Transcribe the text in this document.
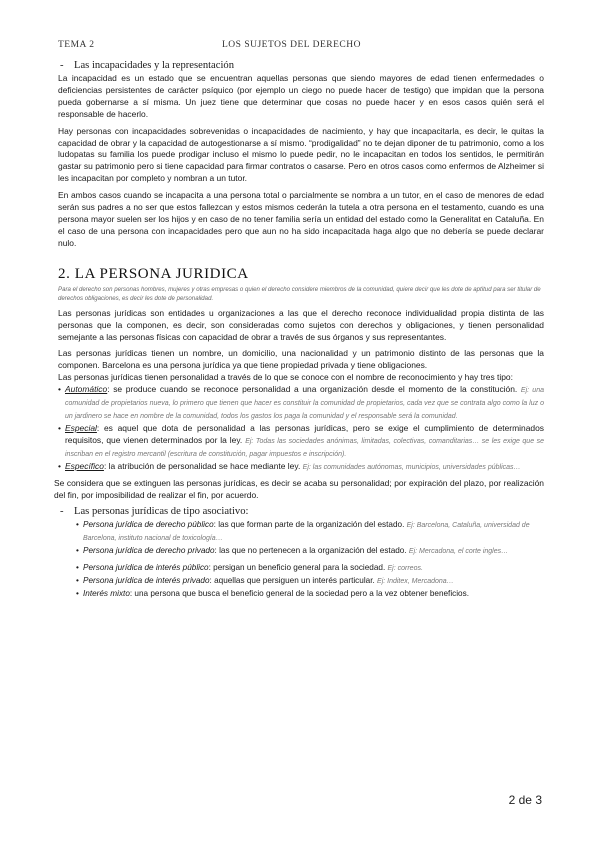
TEMA 2	LOS SUJETOS DEL DERECHO
- Las incapacidades y la representación

La incapacidad es un estado que se encuentran aquellas personas que siendo mayores de edad tienen enfermedades o deficiencias persistentes de carácter psíquico (por ejemplo un ciego no puede hacer de testigo) que impidan que la persona pueda gobernarse a sí misma. Un juez tiene que determinar que cosas no puede hacer y en esos casos quién será el responsable de hacerlo.

Hay personas con incapacidades sobrevenidas o incapacidades de nacimiento, y hay que incapacitarla, es decir, le quitas la capacidad de obrar y la capacidad de autogestionarse a sí mismo. “prodigalidad” no te dejan diponer de tu patrimonio, como a los ludopatas su familia los puede prodigar incluso el mismo lo puede pedir, no le incapacitan en todos los sentidos, le permitirán gastar su patrimonio pero si tiene capacidad para firmar contratos o casarse. Pero en otros casos como enfermos de Alzheimer si les incapacitan por completo y nombran a un tutor.

En ambos casos cuando se incapacita a una persona total o parcialmente se nombra a un tutor, en el caso de menores de edad serán sus padres a no ser que estos fallezcan y estos mismos cederán la tutela a otra persona en el testamento, cuando es una persona mayor suelen ser los hijos y en caso de no tener familia sería un entidad del estado como la Generalitat en Cataluña. En el caso de una persona con incapacidades pero que aun no ha sido incapacitada haga algo que no debería se puede declarar nulo.

2. LA PERSONA JURIDICA
Para el derecho son personas hombres, mujeres y otras empresas o quien el derecho considere miembros de la comunidad, quiere decir que les dote de aptitud para ser titular de derechos obligaciones, es decir les dote de personalidad.

Las personas jurídicas son entidades u organizaciones a las que el derecho reconoce individualidad propia distinta de las personas que la componen, es decir, son consideradas como sujetos con derechos y obligaciones, y tienen personalidad semejante a las personas físicas con capacidad de obrar a través de sus órganos y sus representantes.

Las personas jurídicas tienen un nombre, un domicilio, una nacionalidad y un patrimonio distinto de las personas que la componen. Barcelona es una persona jurídica ya que tiene propiedad privada y tiene obligaciones.

Las personas jurídicas tienen personalidad a través de lo que se conoce con el nombre de reconocimiento y hay tres tipo:

• Automático: se produce cuando se reconoce personalidad a una organización desde el momento de la constitución. Ej: una comunidad de propietarios nueva, lo primero que tienen que hacer es constituir la comunidad de propietarios, cada vez que se contrata algo como la luz o un jardinero se hace en nombre de la comunidad, todos los gastos los paga la comunidad y el responsable será la comunidad.
• Especial: es aquel que dota de personalidad a las personas jurídicas, pero se exige el cumplimiento de determinados requisitos, que vienen determinados por la ley. Ej: Todas las sociedades anónimas, limitadas, colectivas, comanditarias… se les exige que se inscriban en el registro mercantil (escritura de constitución, pagar impuestos e inscripción).
• Específico: la atribución de personalidad se hace mediante ley. Ej: las comunidades autónomas, municipios, universidades públicas…

Se considera que se extinguen las personas jurídicas, es decir se acaba su personalidad; por expiración del plazo, por realización del fin, por imposibilidad de realizar el fin, por acuerdo.

- Las personas jurídicas de tipo asociativo:
• Persona jurídica de derecho público: las que forman parte de la organización del estado. Ej: Barcelona, Cataluña, universidad de Barcelona, instituto nacional de toxicología…
• Persona jurídica de derecho privado: las que no pertenecen a la organización del estado. Ej: Mercadona, el corte ingles…
• Persona jurídica de interés público: persigan un beneficio general para la sociedad. Ej: correos.
• Persona jurídica de interés privado: aquellas que persiguen un interés particular. Ej: Inditex, Mercadona…
• Interés mixto: una persona que busca el beneficio general de la sociedad pero a la vez obtener beneficios.
2 de 3
